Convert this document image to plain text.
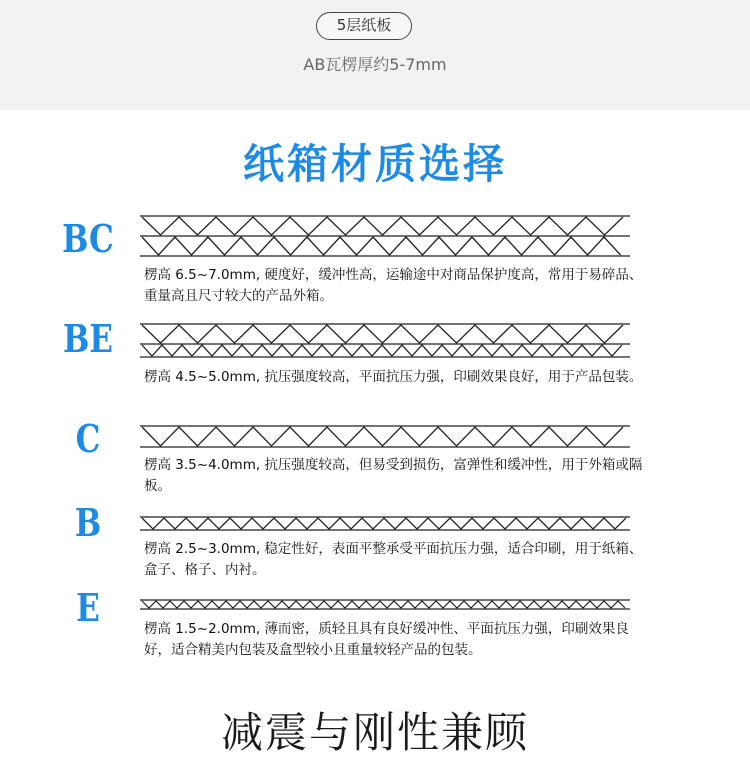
5层纸板
AB瓦楞厚约5-7mm
纸箱材质选择
BC
楞高 6.5~7.0mm, 硬度好，缓冲性高，运输途中对商品保护度高，常用于易碎品、重量高且尺寸较大的产品外箱。
BE
楞高 4.5~5.0mm, 抗压强度较高，平面抗压力强，印刷效果良好，用于产品包装。
C
楞高 3.5~4.0mm, 抗压强度较高，但易受到损伤，富弹性和缓冲性，用于外箱或隔板。
B
楞高 2.5~3.0mm, 稳定性好，表面平整承受平面抗压力强，适合印刷，用于纸箱、盒子、格子、内衬。
E	楞高 1.5~2.0mm, 薄而密，质轻且具有良好缓冲性、平面抗压力强，印刷效果良好，适合精美内包装及盒型较小且重量较轻产品的包装。
减震与刚性兼顾
